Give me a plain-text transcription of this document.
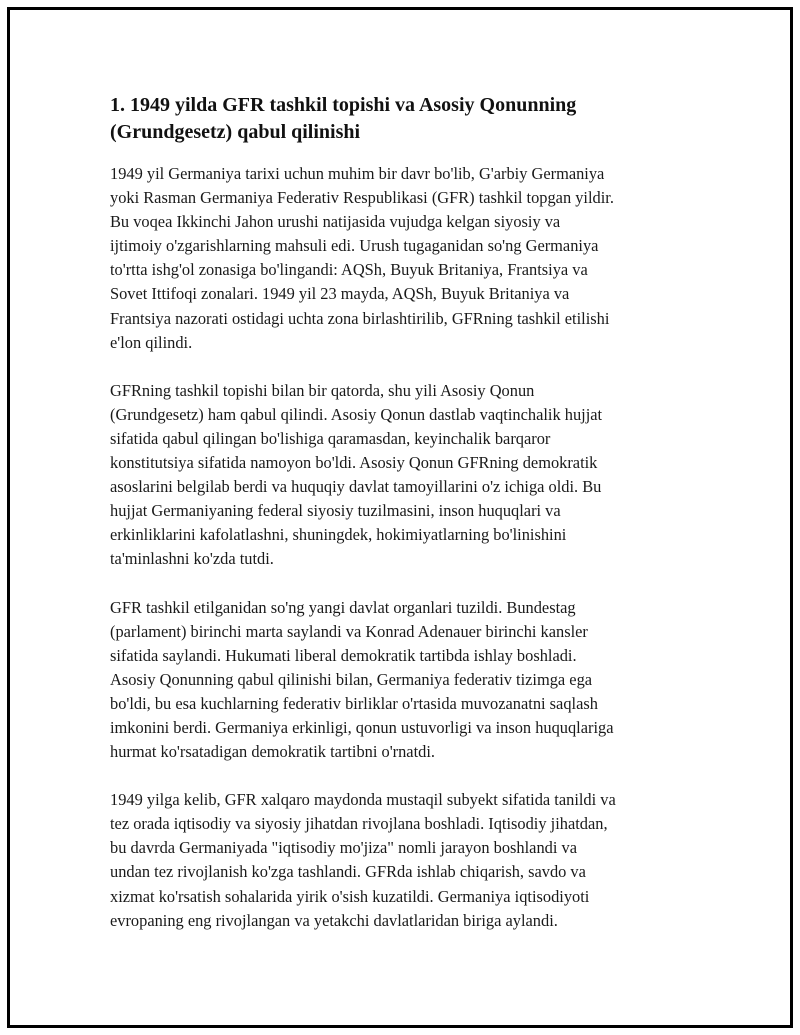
1. 1949 yilda GFR tashkil topishi va Asosiy Qonunning
(Grundgesetz) qabul qilinishi

1949 yil Germaniya tarixi uchun muhim bir davr bo'lib, G'arbiy Germaniya
yoki Rasman Germaniya Federativ Respublikasi (GFR) tashkil topgan yildir.
Bu voqea Ikkinchi Jahon urushi natijasida vujudga kelgan siyosiy va
ijtimoiy o'zgarishlarning mahsuli edi. Urush tugaganidan so'ng Germaniya
to'rtta ishg'ol zonasiga bo'lingandi: AQSh, Buyuk Britaniya, Frantsiya va
Sovet Ittifoqi zonalari. 1949 yil 23 mayda, AQSh, Buyuk Britaniya va
Frantsiya nazorati ostidagi uchta zona birlashtirilib, GFRning tashkil etilishi
e'lon qilindi.

GFRning tashkil topishi bilan bir qatorda, shu yili Asosiy Qonun
(Grundgesetz) ham qabul qilindi. Asosiy Qonun dastlab vaqtinchalik hujjat
sifatida qabul qilingan bo'lishiga qaramasdan, keyinchalik barqaror
konstitutsiya sifatida namoyon bo'ldi. Asosiy Qonun GFRning demokratik
asoslarini belgilab berdi va huquqiy davlat tamoyillarini o'z ichiga oldi. Bu
hujjat Germaniyaning federal siyosiy tuzilmasini, inson huquqlari va
erkinliklarini kafolatlashni, shuningdek, hokimiyatlarning bo'linishini
ta'minlashni ko'zda tutdi.

GFR tashkil etilganidan so'ng yangi davlat organlari tuzildi. Bundestag
(parlament) birinchi marta saylandi va Konrad Adenauer birinchi kansler
sifatida saylandi. Hukumati liberal demokratik tartibda ishlay boshladi.
Asosiy Qonunning qabul qilinishi bilan, Germaniya federativ tizimga ega
bo'ldi, bu esa kuchlarning federativ birliklar o'rtasida muvozanatni saqlash
imkonini berdi. Germaniya erkinligi, qonun ustuvorligi va inson huquqlariga
hurmat ko'rsatadigan demokratik tartibni o'rnatdi.

1949 yilga kelib, GFR xalqaro maydonda mustaqil subyekt sifatida tanildi va
tez orada iqtisodiy va siyosiy jihatdan rivojlana boshladi. Iqtisodiy jihatdan,
bu davrda Germaniyada "iqtisodiy mo'jiza" nomli jarayon boshlandi va
undan tez rivojlanish ko'zga tashlandi. GFRda ishlab chiqarish, savdo va
xizmat ko'rsatish sohalarida yirik o'sish kuzatildi. Germaniya iqtisodiyoti
evropaning eng rivojlangan va yetakchi davlatlaridan biriga aylandi.
